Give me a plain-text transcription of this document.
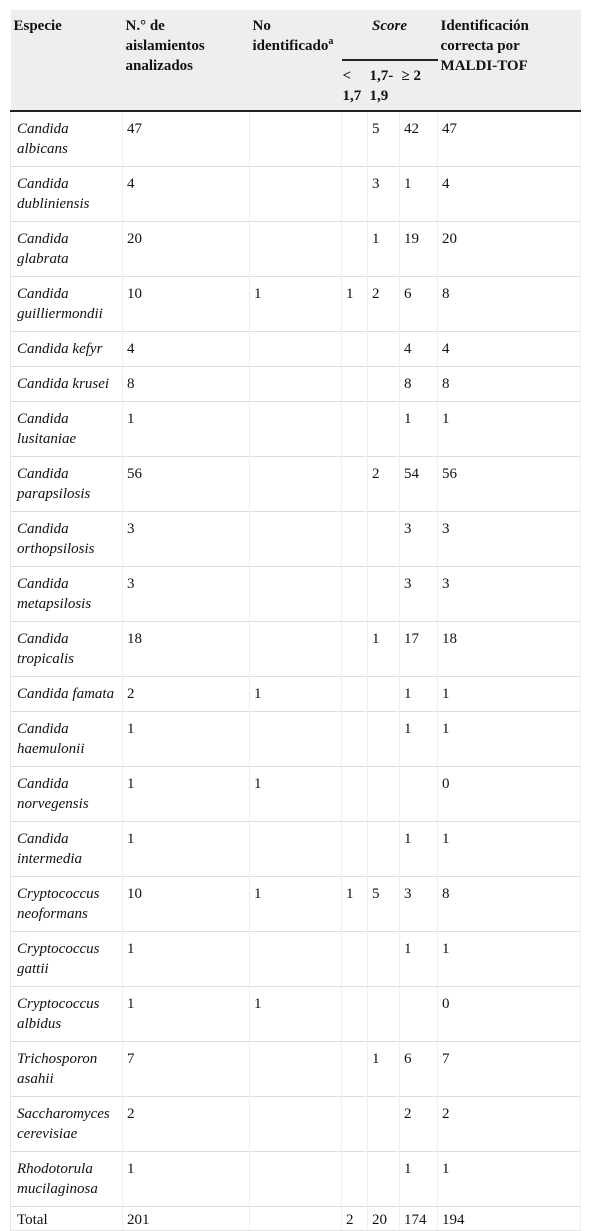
Especie	N.° de aislamientos analizados	No identificado$^a$	Score			Identificación correcta por MALDI-TOF
			< 1,7	1,7- 1,9	≥ 2	
Candida albicans	47			5	42	47
Candida dubliniensis	4			3	1	4
Candida glabrata	20			1	19	20
Candida guilliermondii	10	1	1	2	6	8
Candida kefyr	4				4	4
Candida krusei	8				8	8
Candida lusitaniae	1				1	1
Candida parapsilosis	56			2	54	56
Candida orthopsilosis	3				3	3
Candida metapsilosis	3				3	3
Candida tropicalis	18			1	17	18
Candida famata	2	1			1	1
Candida haemulonii	1				1	1
Candida norvegensis	1	1				0
Candida intermedia	1				1	1
Cryptococcus neoformans	10	1	1	5	3	8
Cryptococcus gattii	1				1	1
Cryptococcus albidus	1	1				0
Trichosporon asahii	7			1	6	7
Saccharomyces cerevisiae	2				2	2
Rhodotorula mucilaginosa	1				1	1
Total	201		2	20	174	194
